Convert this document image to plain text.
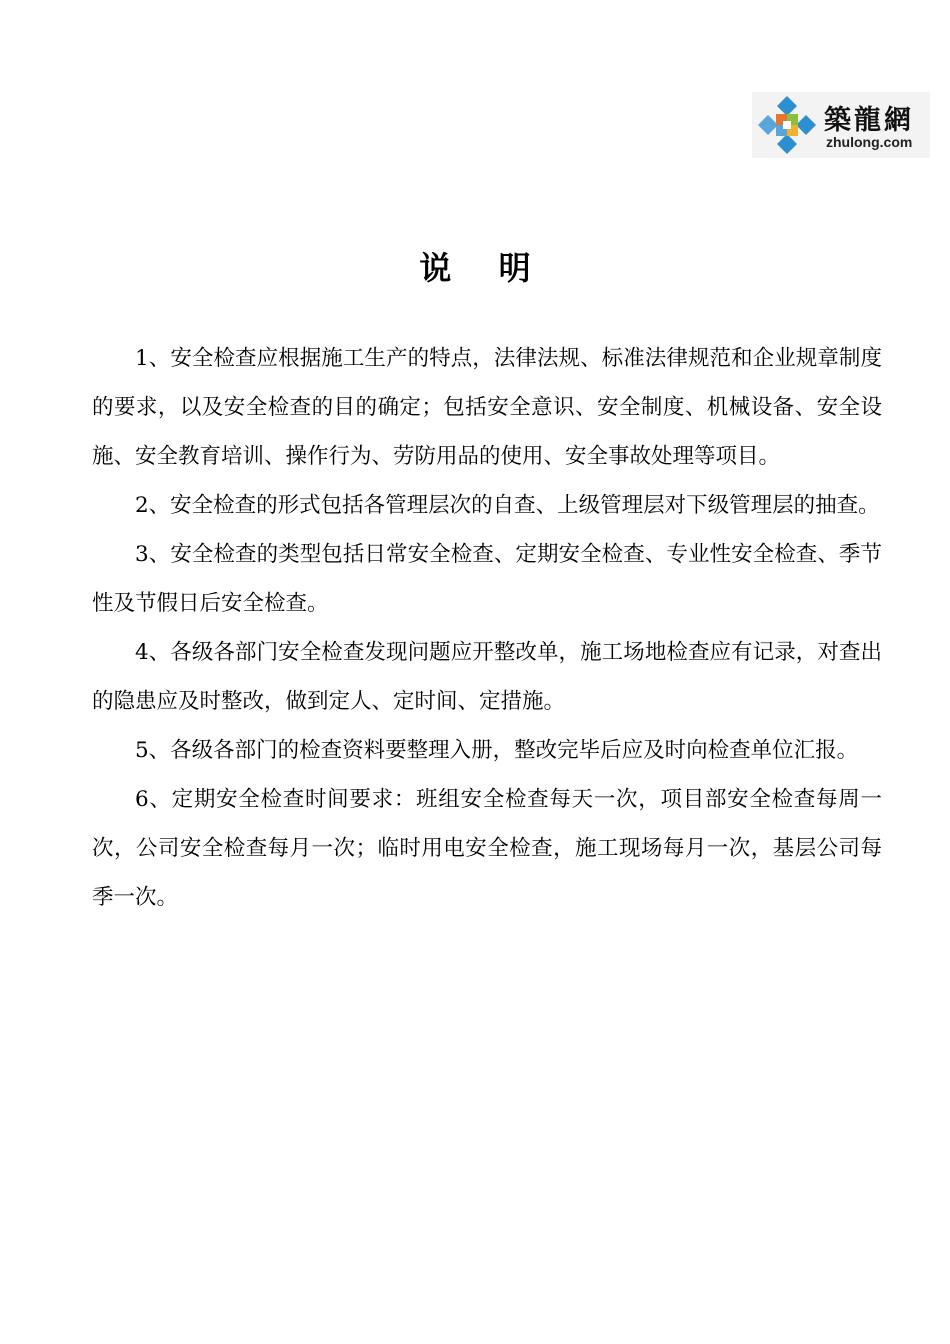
築龍網
zhulong.com
说 明

1、安全检查应根据施工生产的特点，法律法规、标准法律规范和企业规章制度的要求，以及安全检查的目的确定；包括安全意识、安全制度、机械设备、安全设施、安全教育培训、操作行为、劳防用品的使用、安全事故处理等项目。

2、安全检查的形式包括各管理层次的自查、上级管理层对下级管理层的抽查。

3、安全检查的类型包括日常安全检查、定期安全检查、专业性安全检查、季节性及节假日后安全检查。

4、各级各部门安全检查发现问题应开整改单，施工场地检查应有记录，对查出的隐患应及时整改，做到定人、定时间、定措施。

5、各级各部门的检查资料要整理入册，整改完毕后应及时向检查单位汇报。

6、定期安全检查时间要求：班组安全检查每天一次，项目部安全检查每周一次，公司安全检查每月一次；临时用电安全检查，施工现场每月一次，基层公司每季一次。
